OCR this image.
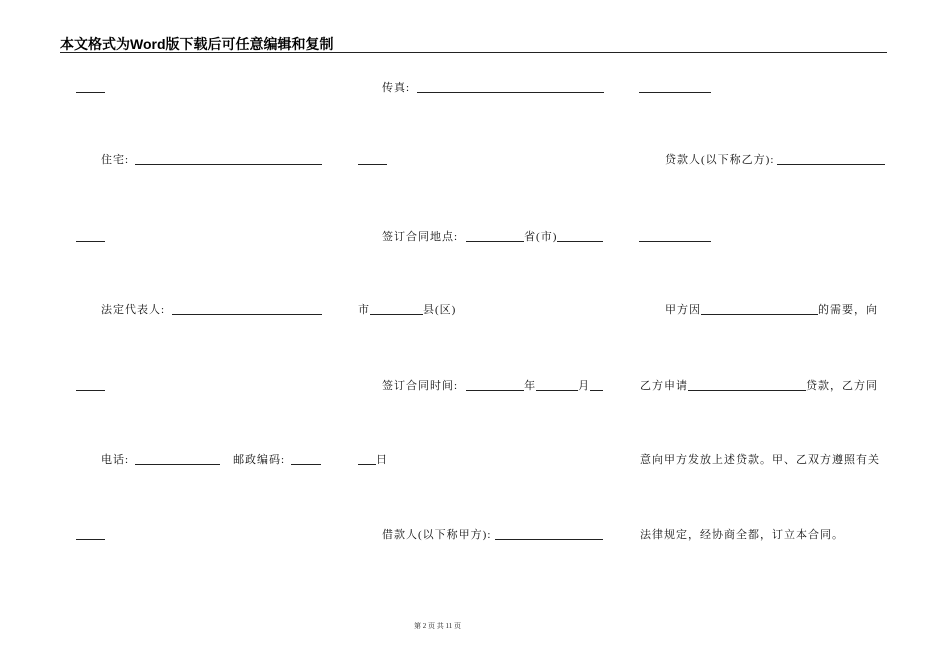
本文格式为Word版下载后可任意编辑和复制
住宅:
法定代表人:
电话:	邮政编码:
传真:
签订合同地点:	省(市)
市	县(区)
签订合同时间:	年	月
日
借款人(以下称甲方):
贷款人(以下称乙方):
甲方因	的需要，向
乙方申请	贷款，乙方同
意向甲方发放上述贷款。甲、乙双方遵照有关
法律规定，经协商全都，订立本合同。
第 2 页 共 11 页
